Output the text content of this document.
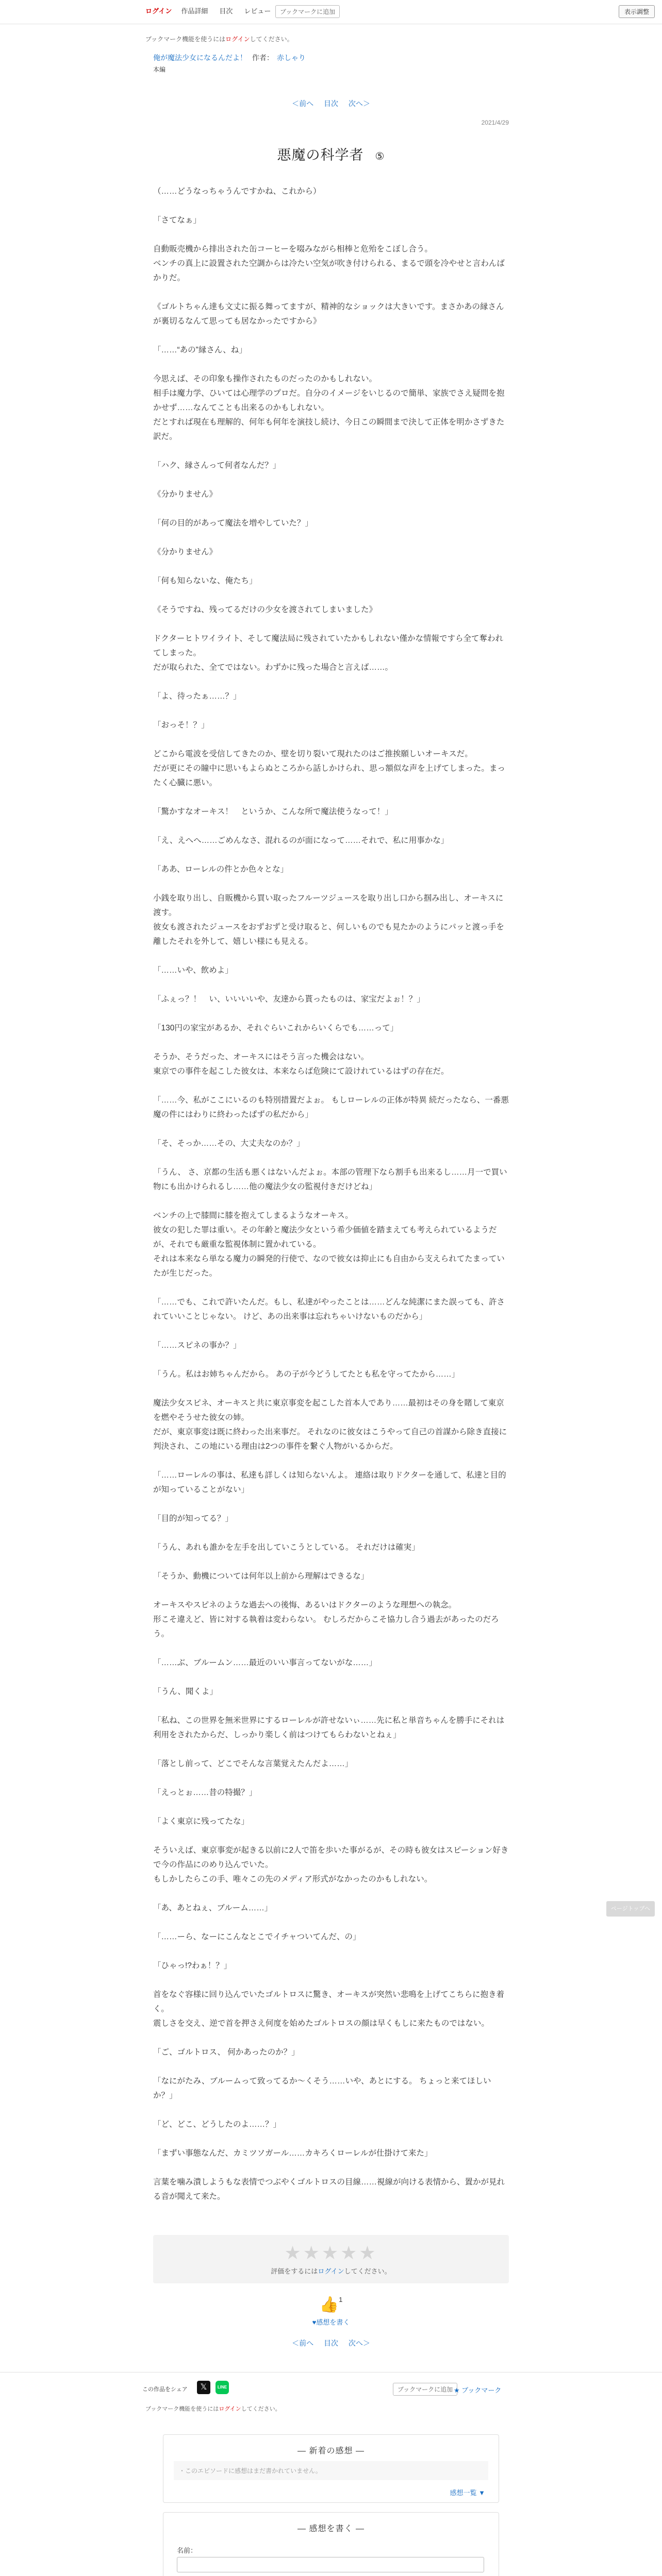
ログイン 作品詳細 目次 レビュー	ブックマークに追加	表示調整
ブックマーク機能を使うにはログインしてください。
俺が魔法少女になるんだよ！ 作者： 赤しゃり
本編
＜前へ 目次 次へ＞
2021/4/29
悪魔の科学者 ⑤

（……どうなっちゃうんですかね、これから）

「さてなぁ」

自動販売機から排出された缶コーヒーを啜みながら相棒と危殆をこぼし合う。

ベンチの真上に設置された空調からは冷たい空気が吹き付けられる、まるで頭を冷やせと言わんばかりだ。

《ゴルトちゃん達も文丈に振る舞ってますが、精神的なショックは大きいです。まさかあの縁さんが裏切るなんて思っても居なかったですから》

「……“あの”縁さん、ね」

今思えば、その印象も操作されたものだったのかもしれない。

相手は魔力学、ひいては心理学のプロだ。自分のイメージをいじるので簡単、家族でさえ疑問を抱かせず……なんてことも出来るのかもしれない。

だとすれば現在も理解的、何年も何年を演技し続け、今日この瞬間まで決して正体を明かさずきた訳だ。

「ハク、縁さんって何者なんだ？」

《分かりません》

「何の目的があって魔法を増やしていた？」

《分かりません》

「何も知らないな、俺たち」

《そうですね、残ってるだけの少女を渡されてしまいました》

ドクターヒトワイライト、そして魔法局に残されていたかもしれない僅かな情報ですら全て奪われてしまった。

だが取られた、全てではない。わずかに残った場合と言えば……。

「よ、待ったぁ……？」

「おっそ！？」

どこから電波を受信してきたのか、壁を切り裂いて現れたのはご推挨願しいオーキスだ。

だが更にその瞳中に思いもよらぬところから話しかけられ、思っ額似な声を上げてしまった。まったく心臓に悪い。

「驚かすなオーキス！　というか、こんな所で魔法使うなって！」

「え、えへへ……ごめんなさ、混れるのが面になって……それで、私に用事かな」

「ああ、ローレルの件とか色々とな」

小銭を取り出し、自販機から買い取ったフルーツジュースを取り出し口から掴み出し、オーキスに渡す。

彼女も渡されたジュースをおずおずと受け取ると、何しいものでも見たかのようにパッと渡っ手を離したそれを外して、嬉しい様にも見える。

「……いや、飲めよ」

「ふぇっ？！　い、いいいいや、友達から貰ったものは、家宝だよぉ！？」

「130円の家宝があるか、それぐらいこれからいくらでも……って」

そうか、そうだった、オーキスにはそう言った機会はない。

東京での事件を起こした彼女は、本来ならば危険にて設けれているはずの存在だ。

「……今、私がここにいるのも特別措置だよぉ。 もしローレルの正体が特異 続だったなら、一番悪魔の件にはわりに終わったぱずの私だから」

「そ、そっか……その、大丈夫なのか？」

「うん、 さ、京都の生活も悪くはないんだよぉ。本部の管理下なら割手も出来るし……月一で買い物にも出かけられるし……他の魔法少女の監視付きだけどね」

ベンチの上で膝間に膝を抱えてしまるようなオーキス。

彼女の犯した罪は重い。その年齢と魔法少女という希少価値を踏まえても考えられているようだが、それでも厳重な監視体制に置かれている。

それは本来なら単なる魔力の瞬発的行使で、なので彼女は抑止にも自由から支えられてたまっていたが生じだった。

「……でも、これで許いたんだ。もし、私達がやったことは……どんな純潔にまた誤っても、許されていいことじゃない。 けど、あの出来事は忘れちゃいけないものだから」

「……スピネの事か？」

「うん。私はお姉ちゃんだから。 あの子が今どうしてたとも私を守ってたから……」

魔法少女スピネ、オーキスと共に東京事変を起こした首本人であり……最初はその身を賭して東京を燃やそうせた彼女の姉。

だが、東京事変は既に終わった出来事だ。 それなのに彼女はこうやって自己の首謀から除き直接に判決され、この地にいる理由は2つの事件を繋ぐ人物がいるからだ。

「……ローレルの事は、私達も詳しくは知らないんよ。 連絡は取りドクターを通して、私達と目的が知っていることがない」

「目的が知ってる？」

「うん、あれも誰かを左手を出していこうとしている。 それだけは確実」

「そうか、動機については何年以上前から理解はできるな」

オーキスやスピネのような過去への後悔、あるいはドクターのような理想への執念。

形こそ違えど、皆に対する執着は変わらない。 むしろだからこそ協力し合う過去があったのだろう。

「……ぶ、ブルームン……最近のいい事言ってないがな……」

「うん、聞くよ」

「私ね、この世界を無米世界にするローレルが許せないぃ……先に私と単音ちゃんを勝手にそれは利用をされたからだ、しっかり楽しく前はつけてもらわないとねぇ」

「落とし前って、どこでそんな言葉覚えたんだよ……」

「えっとぉ……昔の特撮？」

「よく東京に残ってたな」

そういえば、東京事変が起きる以前に2人で笛を歩いた事がるが、その時も彼女はスピーション好きで今の作品にのめり込んでいた。

もしかしたらこの手、唯々この先のメディア形式がなかったのかもしれない。

「あ、あとねぇ、ブルーム……」

「……ーら、なーにこんなとこでイチャついてんだ、の」

「ひゃっ!?わぁ！？」

首をなぐ容様に回り込んでいたゴルトロスに驚き、オーキスが突然い悲鳴を上げてこちらに抱き着く。

震しさを交え、逆で首を押さえ何度を始めたゴルトロスの顔は早くもしに来たものではない。

「ご、ゴルトロス、 何かあったのか？」

「なにがたみ、ブルームって致ってるか～くそう……いや、あとにする。 ちょっと来てほしいか？」

「ど、どこ、どうしたのよ……？」

「まずい事態なんだ、カミツソガール……カキろくローレルが仕掛けて来た」

言葉を噛み潰しようもな表情でつぶやくゴルトロスの目線……視線が向ける表情から、置かが見れる音が聞えて来た。

★★★★★
評価をするにはログインしてください。
👍$^1$
♥感想を書く
＜前へ 目次 次へ＞
この作品をシェア	𝕏	LINE	ブックマークに追加 ★ ブックマーク
ブックマーク機能を使うにはログインしてください。
― 新着の感想 ―
・このエピソードに感想はまだ書かれていません。
感想一覧 ▼
― 感想を書く ―
名前：
ページトップへ
